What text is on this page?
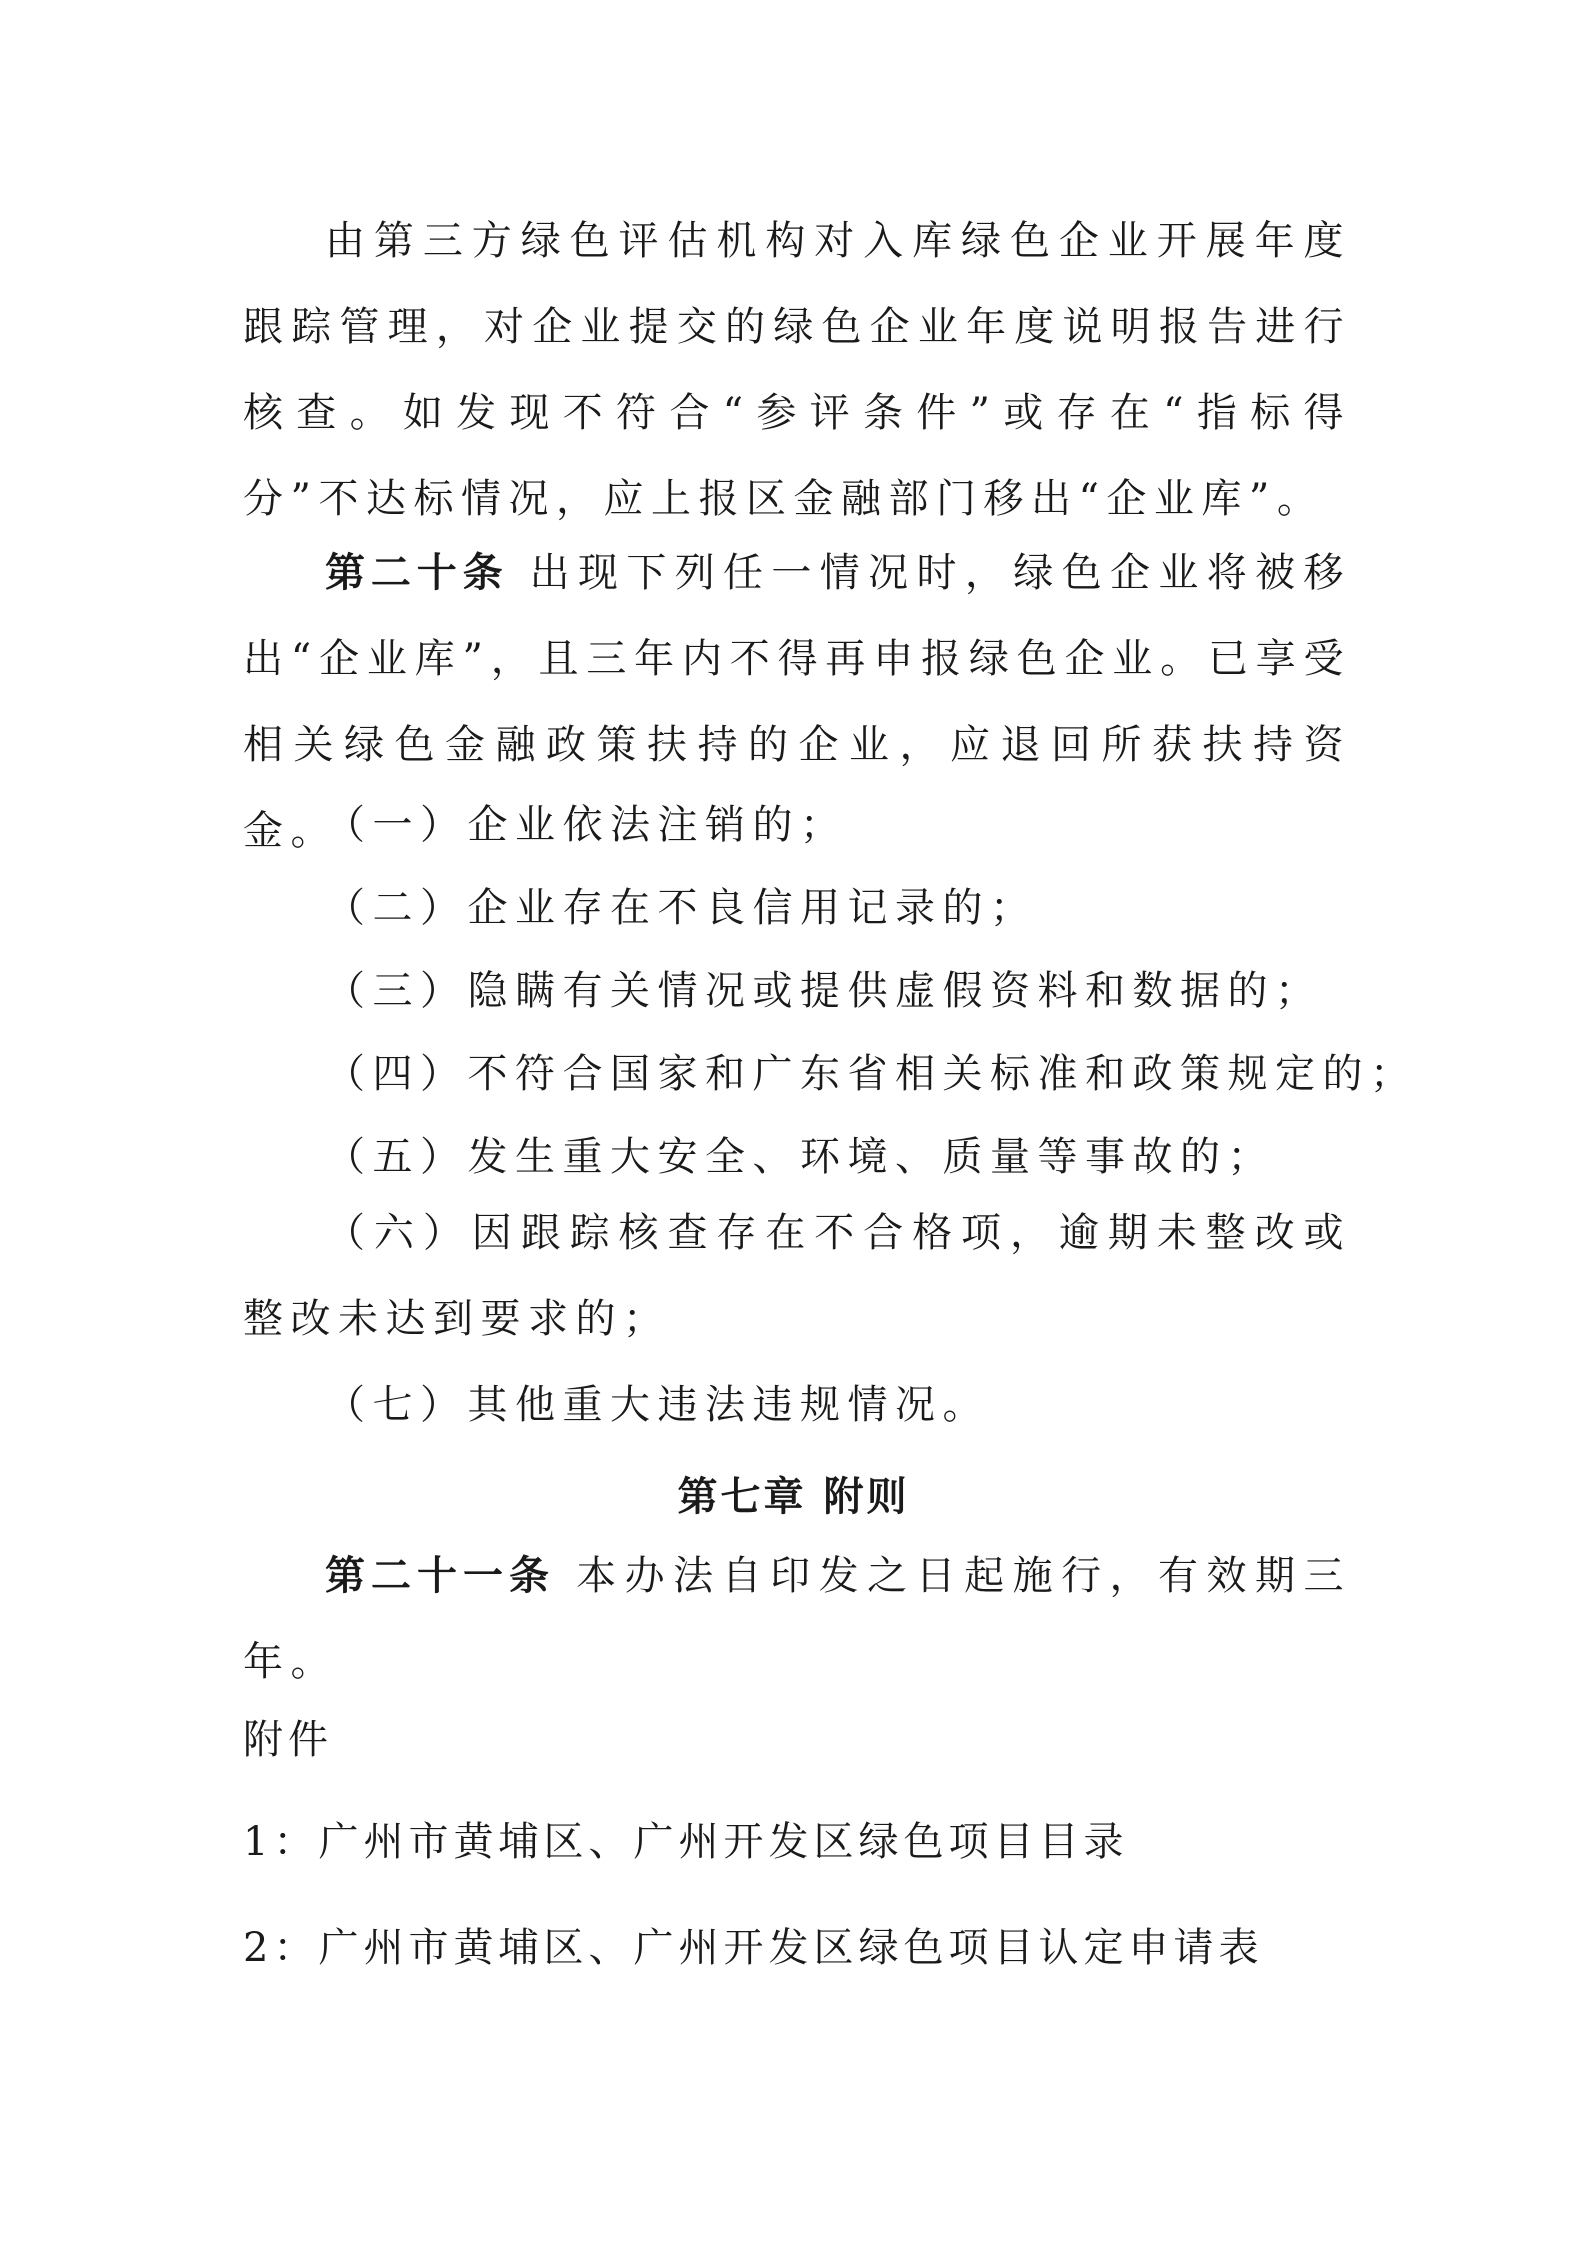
由第三方绿色评估机构对入库绿色企业开展年度跟踪管理，对企业提交的绿色企业年度说明报告进行核查。如发现不符合“参评条件”或存在“指标得分”不达标情况，应上报区金融部门移出“企业库”。

第二十条 出现下列任一情况时，绿色企业将被移出“企业库”，且三年内不得再申报绿色企业。已享受相关绿色金融政策扶持的企业，应退回所获扶持资金。

（一）企业依法注销的；

（二）企业存在不良信用记录的；

（三）隐瞒有关情况或提供虚假资料和数据的；

（四）不符合国家和广东省相关标准和政策规定的；

（五）发生重大安全、环境、质量等事故的；

（六）因跟踪核查存在不合格项，逾期未整改或整改未达到要求的；

（七）其他重大违法违规情况。

第七章 附则

第二十一条 本办法自印发之日起施行，有效期三年。

附件

1：广州市黄埔区、广州开发区绿色项目目录

2：广州市黄埔区、广州开发区绿色项目认定申请表
